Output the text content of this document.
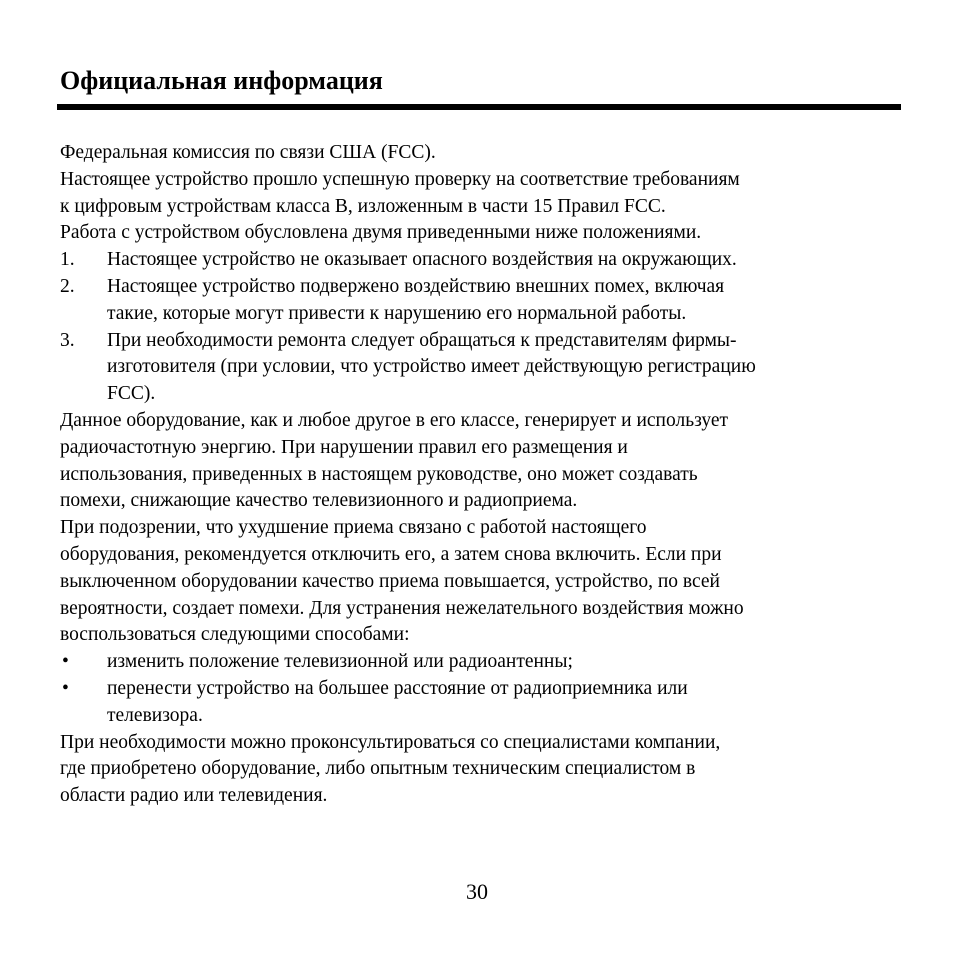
Официальная информация
Федеральная комиссия по связи США (FCC).
Настоящее устройство прошло успешную проверку на соответствие требованиям
к цифровым устройствам класса B, изложенным в части 15 Правил FCC.
Работа с устройством обусловлена двумя приведенными ниже положениями.
1. Настоящее устройство не оказывает опасного воздействия на окружающих.
2. Настоящее устройство подвержено воздействию внешних помех, включая
такие, которые могут привести к нарушению его нормальной работы.
3. При необходимости ремонта следует обращаться к представителям фирмы-
изготовителя (при условии, что устройство имеет действующую регистрацию
FCC).
Данное оборудование, как и любое другое в его классе, генерирует и использует
радиочастотную энергию. При нарушении правил его размещения и
использования, приведенных в настоящем руководстве, оно может создавать
помехи, снижающие качество телевизионного и радиоприема.
При подозрении, что ухудшение приема связано с работой настоящего
оборудования, рекомендуется отключить его, а затем снова включить. Если при
выключенном оборудовании качество приема повышается, устройство, по всей
вероятности, создает помехи. Для устранения нежелательного воздействия можно
воспользоваться следующими способами:
• изменить положение телевизионной или радиоантенны;
• перенести устройство на большее расстояние от радиоприемника или
телевизора.
При необходимости можно проконсультироваться со специалистами компании,
где приобретено оборудование, либо опытным техническим специалистом в
области радио или телевидения.
30
